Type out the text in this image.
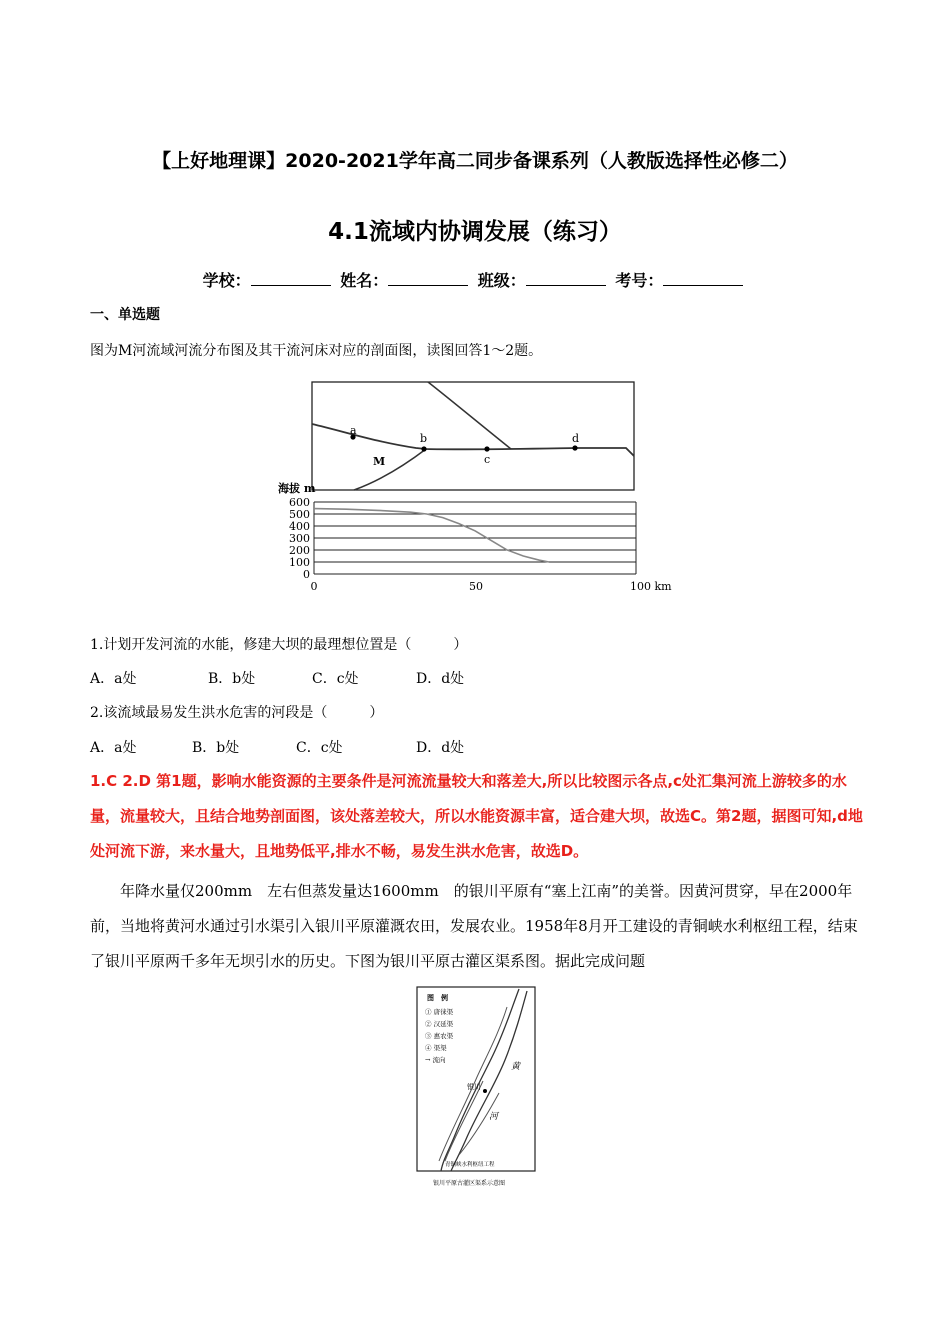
【上好地理课】2020-2021学年高二同步备课系列（人教版选择性必修二）
4.1流域内协调发展（练习）
学校：	姓名：	班级：	考号：
一、单选题
图为M河流域河流分布图及其干流河床对应的剖面图，读图回答1～2题。
a
b
c
d
M
海拔 m
600
500
400
300
200
100
0
0	50	100 km
1.计划开发河流的水能，修建大坝的最理想位置是（　　　）
A．a处	B．b处	C．c处	D．d处
2.该流域最易发生洪水危害的河段是（　　　）
A．a处	B．b处	C．c处	D．d处
1.C 2.D 第1题，影响水能资源的主要条件是河流流量较大和落差大,所以比较图示各点,c处汇集河流上游较多的水量，流量较大，且结合地势剖面图，该处落差较大，所以水能资源丰富，适合建大坝，故选C。第2题，据图可知,d地处河流下游，来水量大，且地势低平,排水不畅，易发生洪水危害，故选D。
年降水量仅200mm　左右但蒸发量达1600mm　的银川平原有“塞上江南”的美誉。因黄河贯穿，早在2000年前，当地将黄河水通过引水渠引入银川平原灌溉农田，发展农业。1958年8月开工建设的青铜峡水利枢纽工程，结束了银川平原两千多年无坝引水的历史。下图为银川平原古灌区渠系图。据此完成问题
图　例
① 唐徕渠
② 汉延渠
③ 惠农渠
④ 渠渠
→ 流向
银川
黄
河
青铜峡水利枢纽工程
银川平原古灌区渠系示意图
